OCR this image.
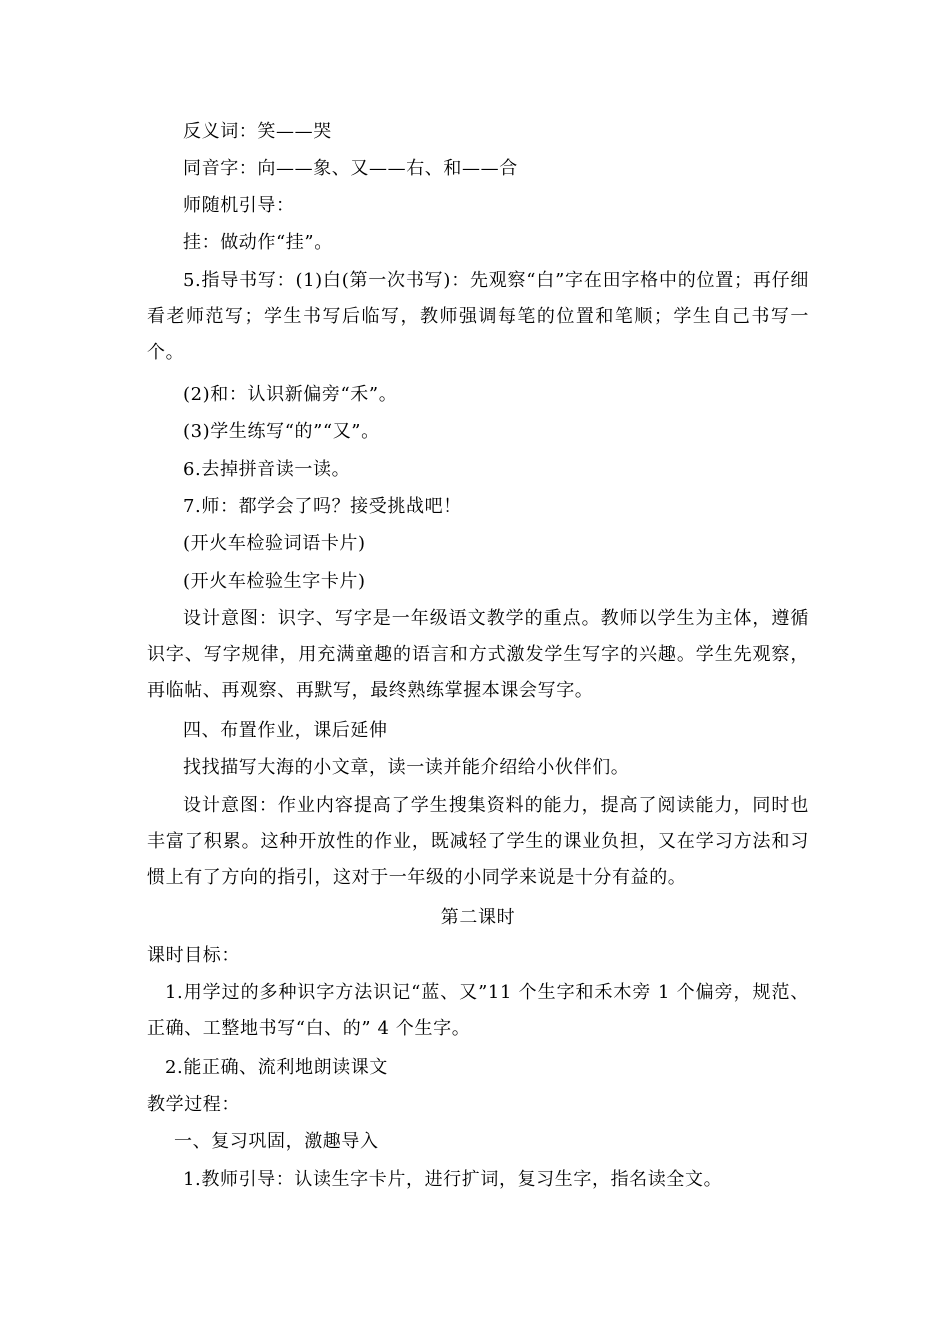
反义词：笑——哭
同音字：向——象、又——右、和——合
师随机引导：
挂：做动作“挂”。
5.指导书写：(1)白(第一次书写)：先观察“白”字在田字格中的位置；再仔细看老师范写；学生书写后临写，教师强调每笔的位置和笔顺；学生自己书写一个。
(2)和：认识新偏旁“禾”。
(3)学生练写“的”“又”。
6.去掉拼音读一读。
7.师：都学会了吗？接受挑战吧！
(开火车检验词语卡片)
(开火车检验生字卡片)
设计意图：识字、写字是一年级语文教学的重点。教师以学生为主体，遵循识字、写字规律，用充满童趣的语言和方式激发学生写字的兴趣。学生先观察，再临帖、再观察、再默写，最终熟练掌握本课会写字。
四、布置作业，课后延伸
找找描写大海的小文章，读一读并能介绍给小伙伴们。
设计意图：作业内容提高了学生搜集资料的能力，提高了阅读能力，同时也丰富了积累。这种开放性的作业，既减轻了学生的课业负担，又在学习方法和习惯上有了方向的指引，这对于一年级的小同学来说是十分有益的。
第二课时
课时目标：
1.用学过的多种识字方法识记“蓝、又”11 个生字和禾木旁 1 个偏旁，规范、正确、工整地书写“白、的” 4 个生字。
2.能正确、流利地朗读课文
教学过程：
一、复习巩固，激趣导入
1.教师引导：认读生字卡片，进行扩词，复习生字，指名读全文。
